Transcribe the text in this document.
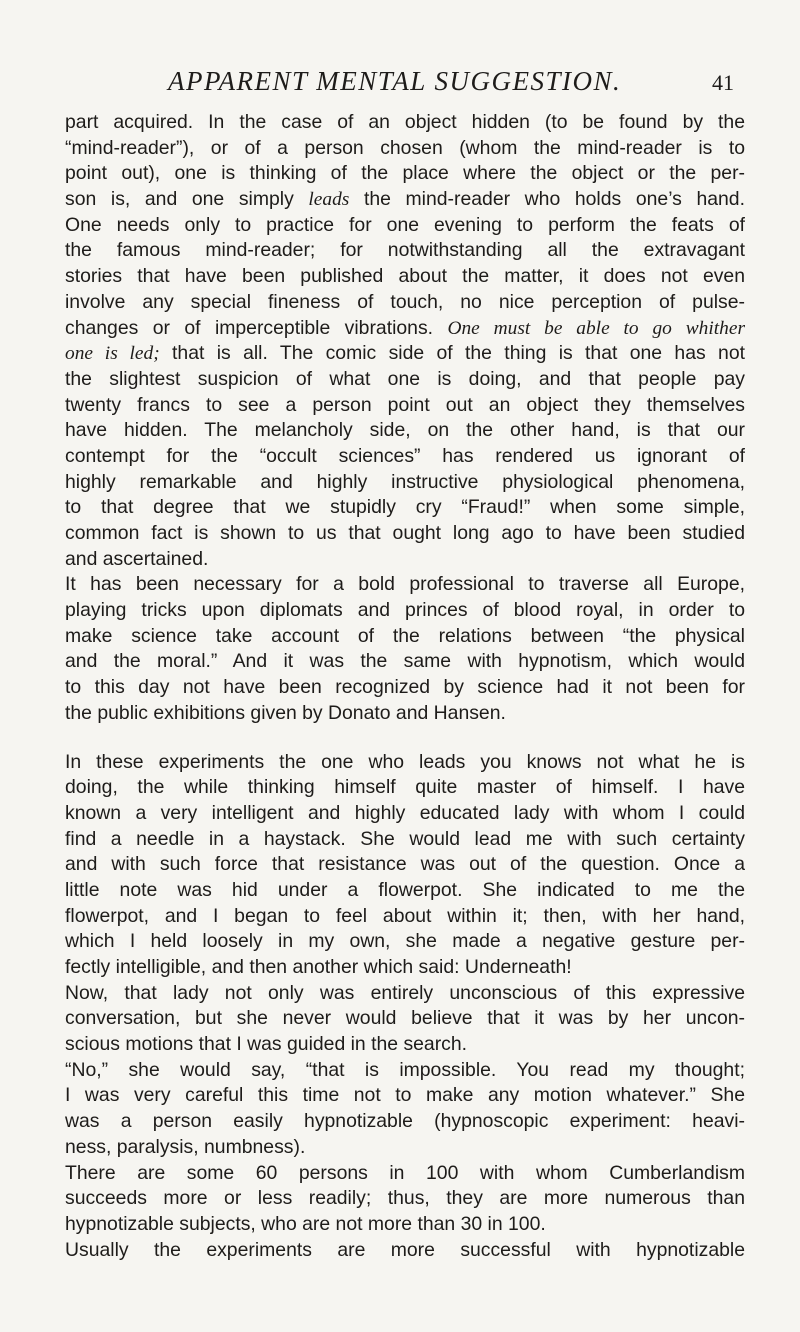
APPARENT MENTAL SUGGESTION.	41
part acquired. In the case of an object hidden (to be found by the
“mind-reader”), or of a person chosen (whom the mind-reader is to
point out), one is thinking of the place where the object or the per-
son is, and one simply leads the mind-reader who holds one’s hand.
One needs only to practice for one evening to perform the feats of
the famous mind-reader; for notwithstanding all the extravagant
stories that have been published about the matter, it does not even
involve any special fineness of touch, no nice perception of pulse-
changes or of imperceptible vibrations. One must be able to go whither
one is led; that is all. The comic side of the thing is that one has not
the slightest suspicion of what one is doing, and that people pay
twenty francs to see a person point out an object they themselves
have hidden. The melancholy side, on the other hand, is that our
contempt for the “occult sciences” has rendered us ignorant of
highly remarkable and highly instructive physiological phenomena,
to that degree that we stupidly cry “Fraud!” when some simple,
common fact is shown to us that ought long ago to have been studied
and ascertained.
It has been necessary for a bold professional to traverse all Europe,
playing tricks upon diplomats and princes of blood royal, in order to
make science take account of the relations between “the physical
and the moral.” And it was the same with hypnotism, which would
to this day not have been recognized by science had it not been for
the public exhibitions given by Donato and Hansen.
In these experiments the one who leads you knows not what he is
doing, the while thinking himself quite master of himself. I have
known a very intelligent and highly educated lady with whom I could
find a needle in a haystack. She would lead me with such certainty
and with such force that resistance was out of the question. Once a
little note was hid under a flowerpot. She indicated to me the
flowerpot, and I began to feel about within it; then, with her hand,
which I held loosely in my own, she made a negative gesture per-
fectly intelligible, and then another which said: Underneath!
Now, that lady not only was entirely unconscious of this expressive
conversation, but she never would believe that it was by her uncon-
scious motions that I was guided in the search.
“No,” she would say, “that is impossible. You read my thought;
I was very careful this time not to make any motion whatever.” She
was a person easily hypnotizable (hypnoscopic experiment: heavi-
ness, paralysis, numbness).
There are some 60 persons in 100 with whom Cumberlandism
succeeds more or less readily; thus, they are more numerous than
hypnotizable subjects, who are not more than 30 in 100.
Usually the experiments are more successful with hypnotizable
